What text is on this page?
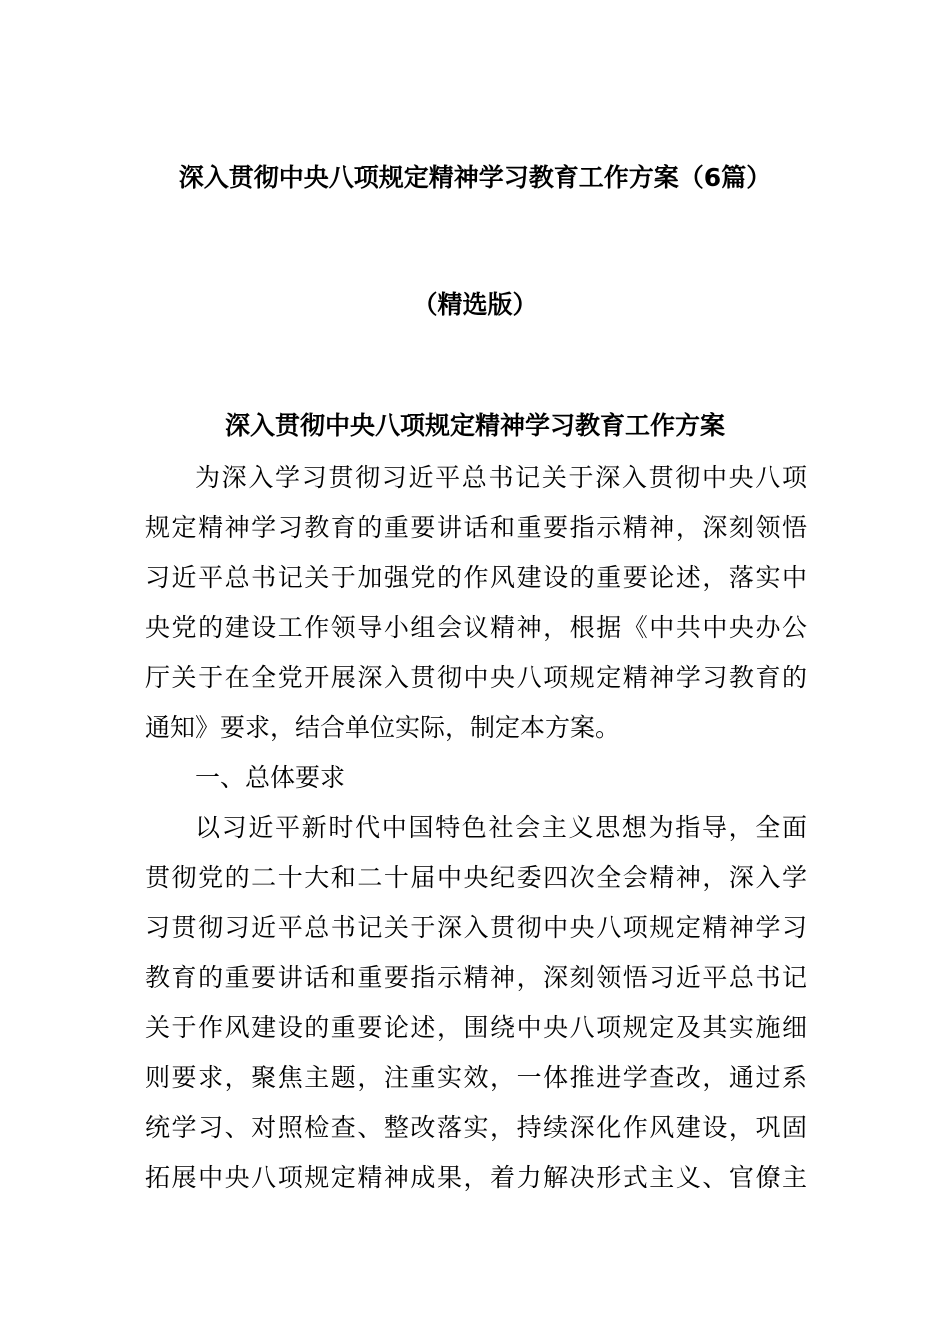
深入贯彻中央八项规定精神学习教育工作方案（6篇）
（精选版）
深入贯彻中央八项规定精神学习教育工作方案
为深入学习贯彻习近平总书记关于深入贯彻中央八项
规定精神学习教育的重要讲话和重要指示精神，深刻领悟
习近平总书记关于加强党的作风建设的重要论述，落实中
央党的建设工作领导小组会议精神，根据《中共中央办公
厅关于在全党开展深入贯彻中央八项规定精神学习教育的
通知》要求，结合单位实际，制定本方案。
一、总体要求
以习近平新时代中国特色社会主义思想为指导，全面
贯彻党的二十大和二十届中央纪委四次全会精神，深入学
习贯彻习近平总书记关于深入贯彻中央八项规定精神学习
教育的重要讲话和重要指示精神，深刻领悟习近平总书记
关于作风建设的重要论述，围绕中央八项规定及其实施细
则要求，聚焦主题，注重实效，一体推进学查改，通过系
统学习、对照检查、整改落实，持续深化作风建设，巩固
拓展中央八项规定精神成果，着力解决形式主义、官僚主
